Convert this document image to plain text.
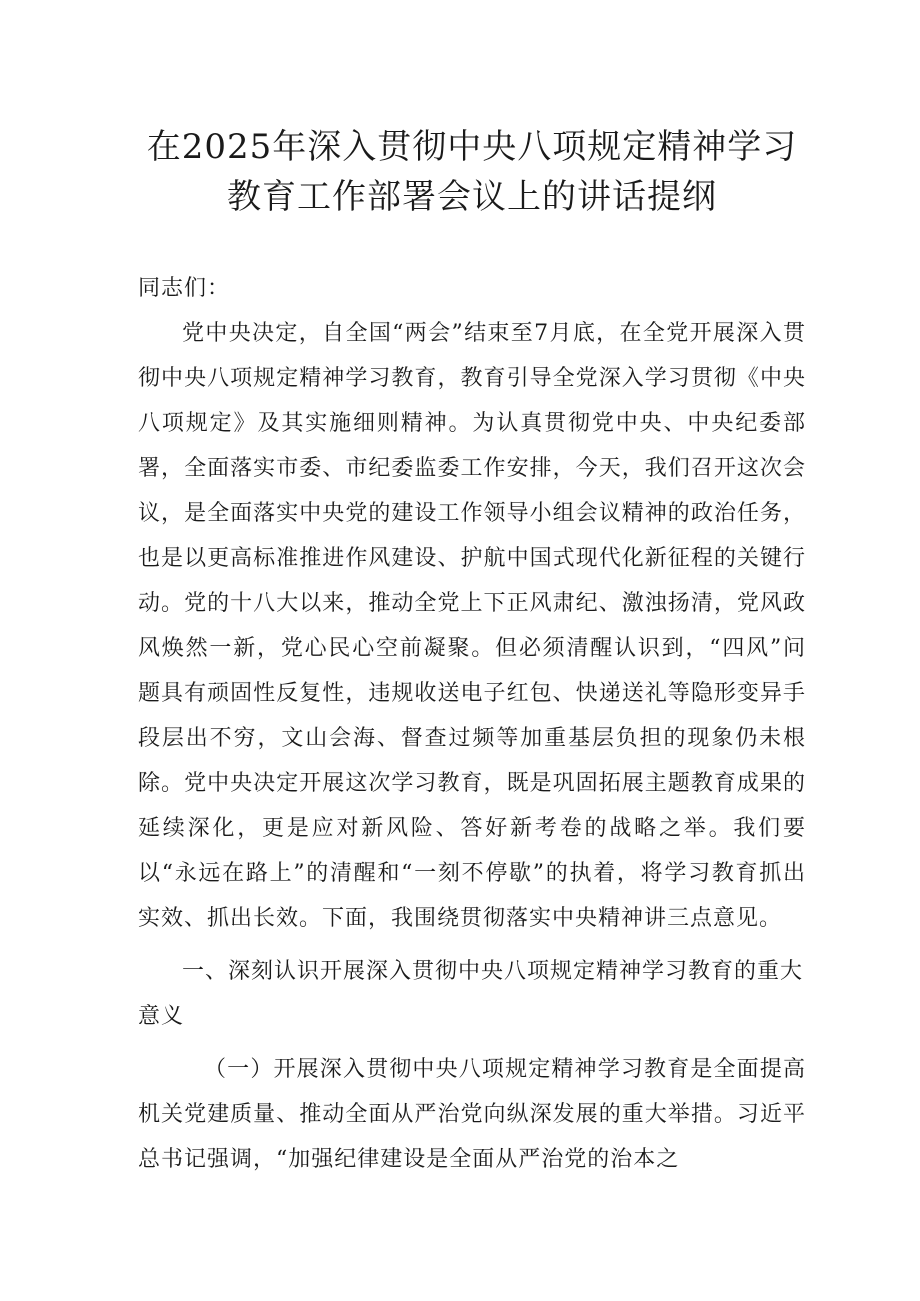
在2025年深入贯彻中央八项规定精神学习
教育工作部署会议上的讲话提纲

同志们：

党中央决定，自全国“两会”结束至7月底，在全党开展深入贯彻中央八项规定精神学习教育，教育引导全党深入学习贯彻《中央八项规定》及其实施细则精神。为认真贯彻党中央、中央纪委部署，全面落实市委、市纪委监委工作安排，今天，我们召开这次会议，是全面落实中央党的建设工作领导小组会议精神的政治任务，也是以更高标准推进作风建设、护航中国式现代化新征程的关键行动。党的十八大以来，推动全党上下正风肃纪、激浊扬清，党风政风焕然一新，党心民心空前凝聚。但必须清醒认识到，“四风”问题具有顽固性反复性，违规收送电子红包、快递送礼等隐形变异手段层出不穷，文山会海、督查过频等加重基层负担的现象仍未根除。党中央决定开展这次学习教育，既是巩固拓展主题教育成果的延续深化，更是应对新风险、答好新考卷的战略之举。我们要以“永远在路上”的清醒和“一刻不停歇”的执着，将学习教育抓出实效、抓出长效。下面，我围绕贯彻落实中央精神讲三点意见。

一、深刻认识开展深入贯彻中央八项规定精神学习教育的重大意义

（一）开展深入贯彻中央八项规定精神学习教育是全面提高机关党建质量、推动全面从严治党向纵深发展的重大举措。习近平总书记强调，“加强纪律建设是全面从严治党的治本之
